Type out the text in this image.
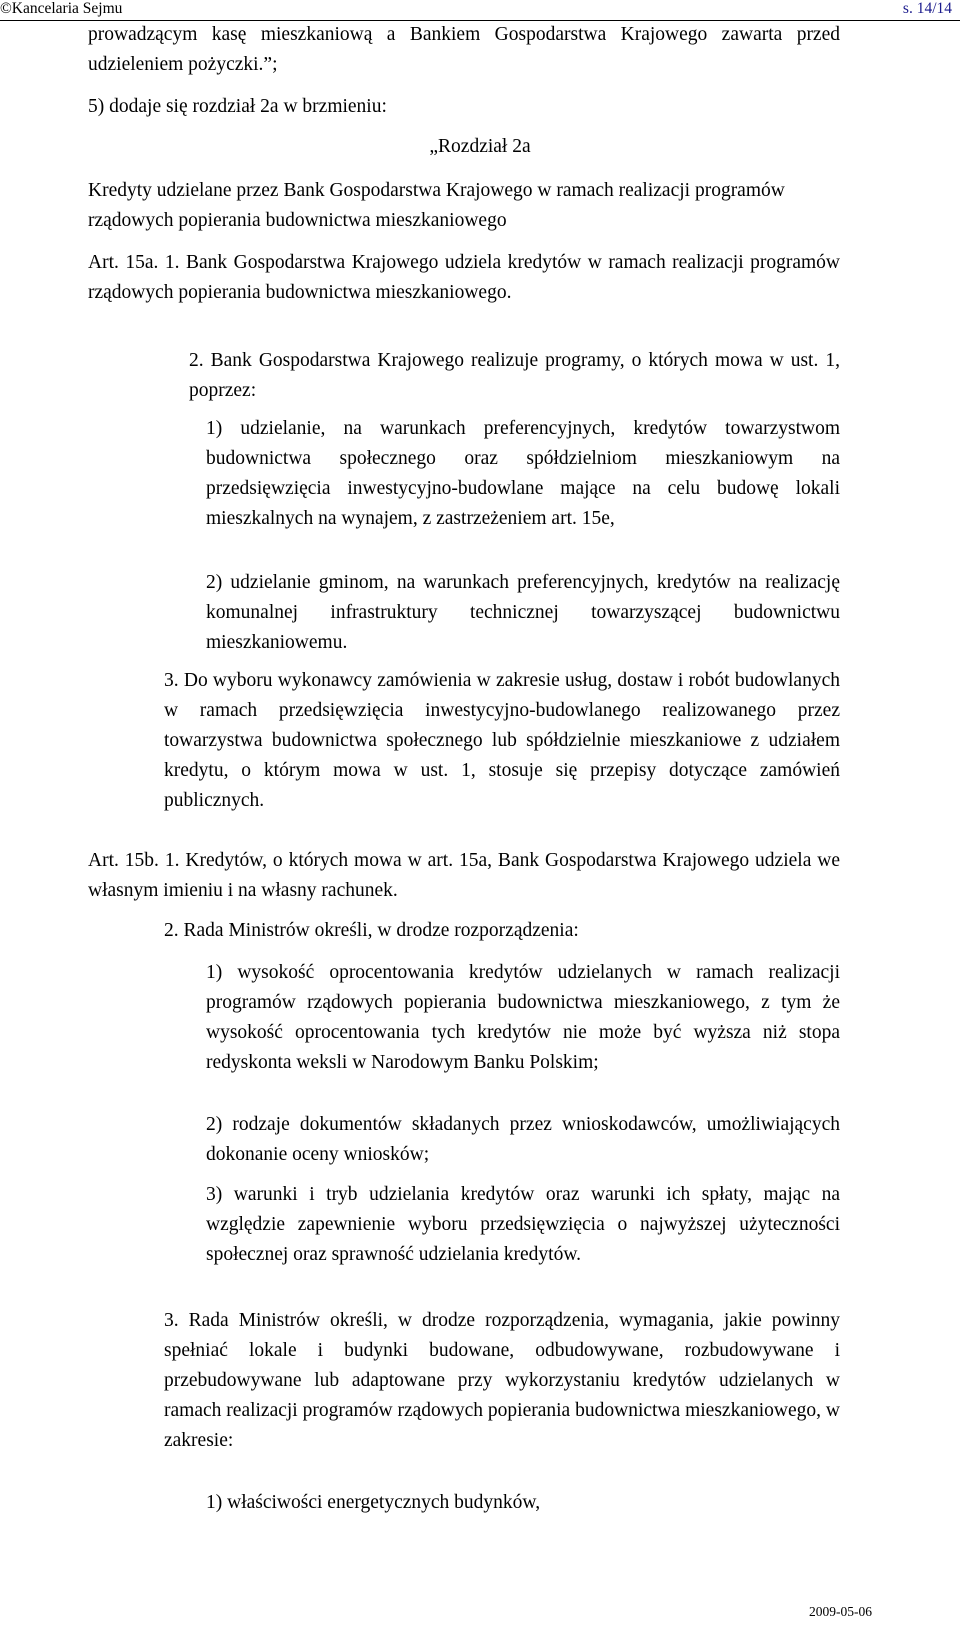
©Kancelaria Sejmu	s. 14/14
prowadzącym kasę mieszkaniową a Bankiem Gospodarstwa Krajowego zawarta przed udzieleniem pożyczki.”;
5) dodaje się rozdział 2a w brzmieniu:
„Rozdział 2a
Kredyty udzielane przez Bank Gospodarstwa Krajowego w ramach realizacji programów rządowych popierania budownictwa mieszkaniowego
Art. 15a. 1. Bank Gospodarstwa Krajowego udziela kredytów w ramach realizacji programów rządowych popierania budownictwa mieszkaniowego.
2. Bank Gospodarstwa Krajowego realizuje programy, o których mowa w ust. 1, poprzez:
1) udzielanie, na warunkach preferencyjnych, kredytów towarzystwom budownictwa społecznego oraz spółdzielniom mieszkaniowym na przedsięwzięcia inwestycyjno-budowlane mające na celu budowę lokali mieszkalnych na wynajem, z zastrzeżeniem art. 15e,
2) udzielanie gminom, na warunkach preferencyjnych, kredytów na realizację komunalnej infrastruktury technicznej towarzyszącej budownictwu mieszkaniowemu.
3. Do wyboru wykonawcy zamówienia w zakresie usług, dostaw i robót budowlanych w ramach przedsięwzięcia inwestycyjno-budowlanego realizowanego przez towarzystwa budownictwa społecznego lub spółdzielnie mieszkaniowe z udziałem kredytu, o którym mowa w ust. 1, stosuje się przepisy dotyczące zamówień publicznych.
Art. 15b. 1. Kredytów, o których mowa w art. 15a, Bank Gospodarstwa Krajowego udziela we własnym imieniu i na własny rachunek.
2. Rada Ministrów określi, w drodze rozporządzenia:
1) wysokość oprocentowania kredytów udzielanych w ramach realizacji programów rządowych popierania budownictwa mieszkaniowego, z tym że wysokość oprocentowania tych kredytów nie może być wyższa niż stopa redyskonta weksli w Narodowym Banku Polskim;
2) rodzaje dokumentów składanych przez wnioskodawców, umożliwiających dokonanie oceny wniosków;
3) warunki i tryb udzielania kredytów oraz warunki ich spłaty, mając na względzie zapewnienie wyboru przedsięwzięcia o najwyższej użyteczności społecznej oraz sprawność udzielania kredytów.
3. Rada Ministrów określi, w drodze rozporządzenia, wymagania, jakie powinny spełniać lokale i budynki budowane, odbudowywane, rozbudowywane i przebudowywane lub adaptowane przy wykorzystaniu kredytów udzielanych w ramach realizacji programów rządowych popierania budownictwa mieszkaniowego, w zakresie:
1) właściwości energetycznych budynków,
2009-05-06
